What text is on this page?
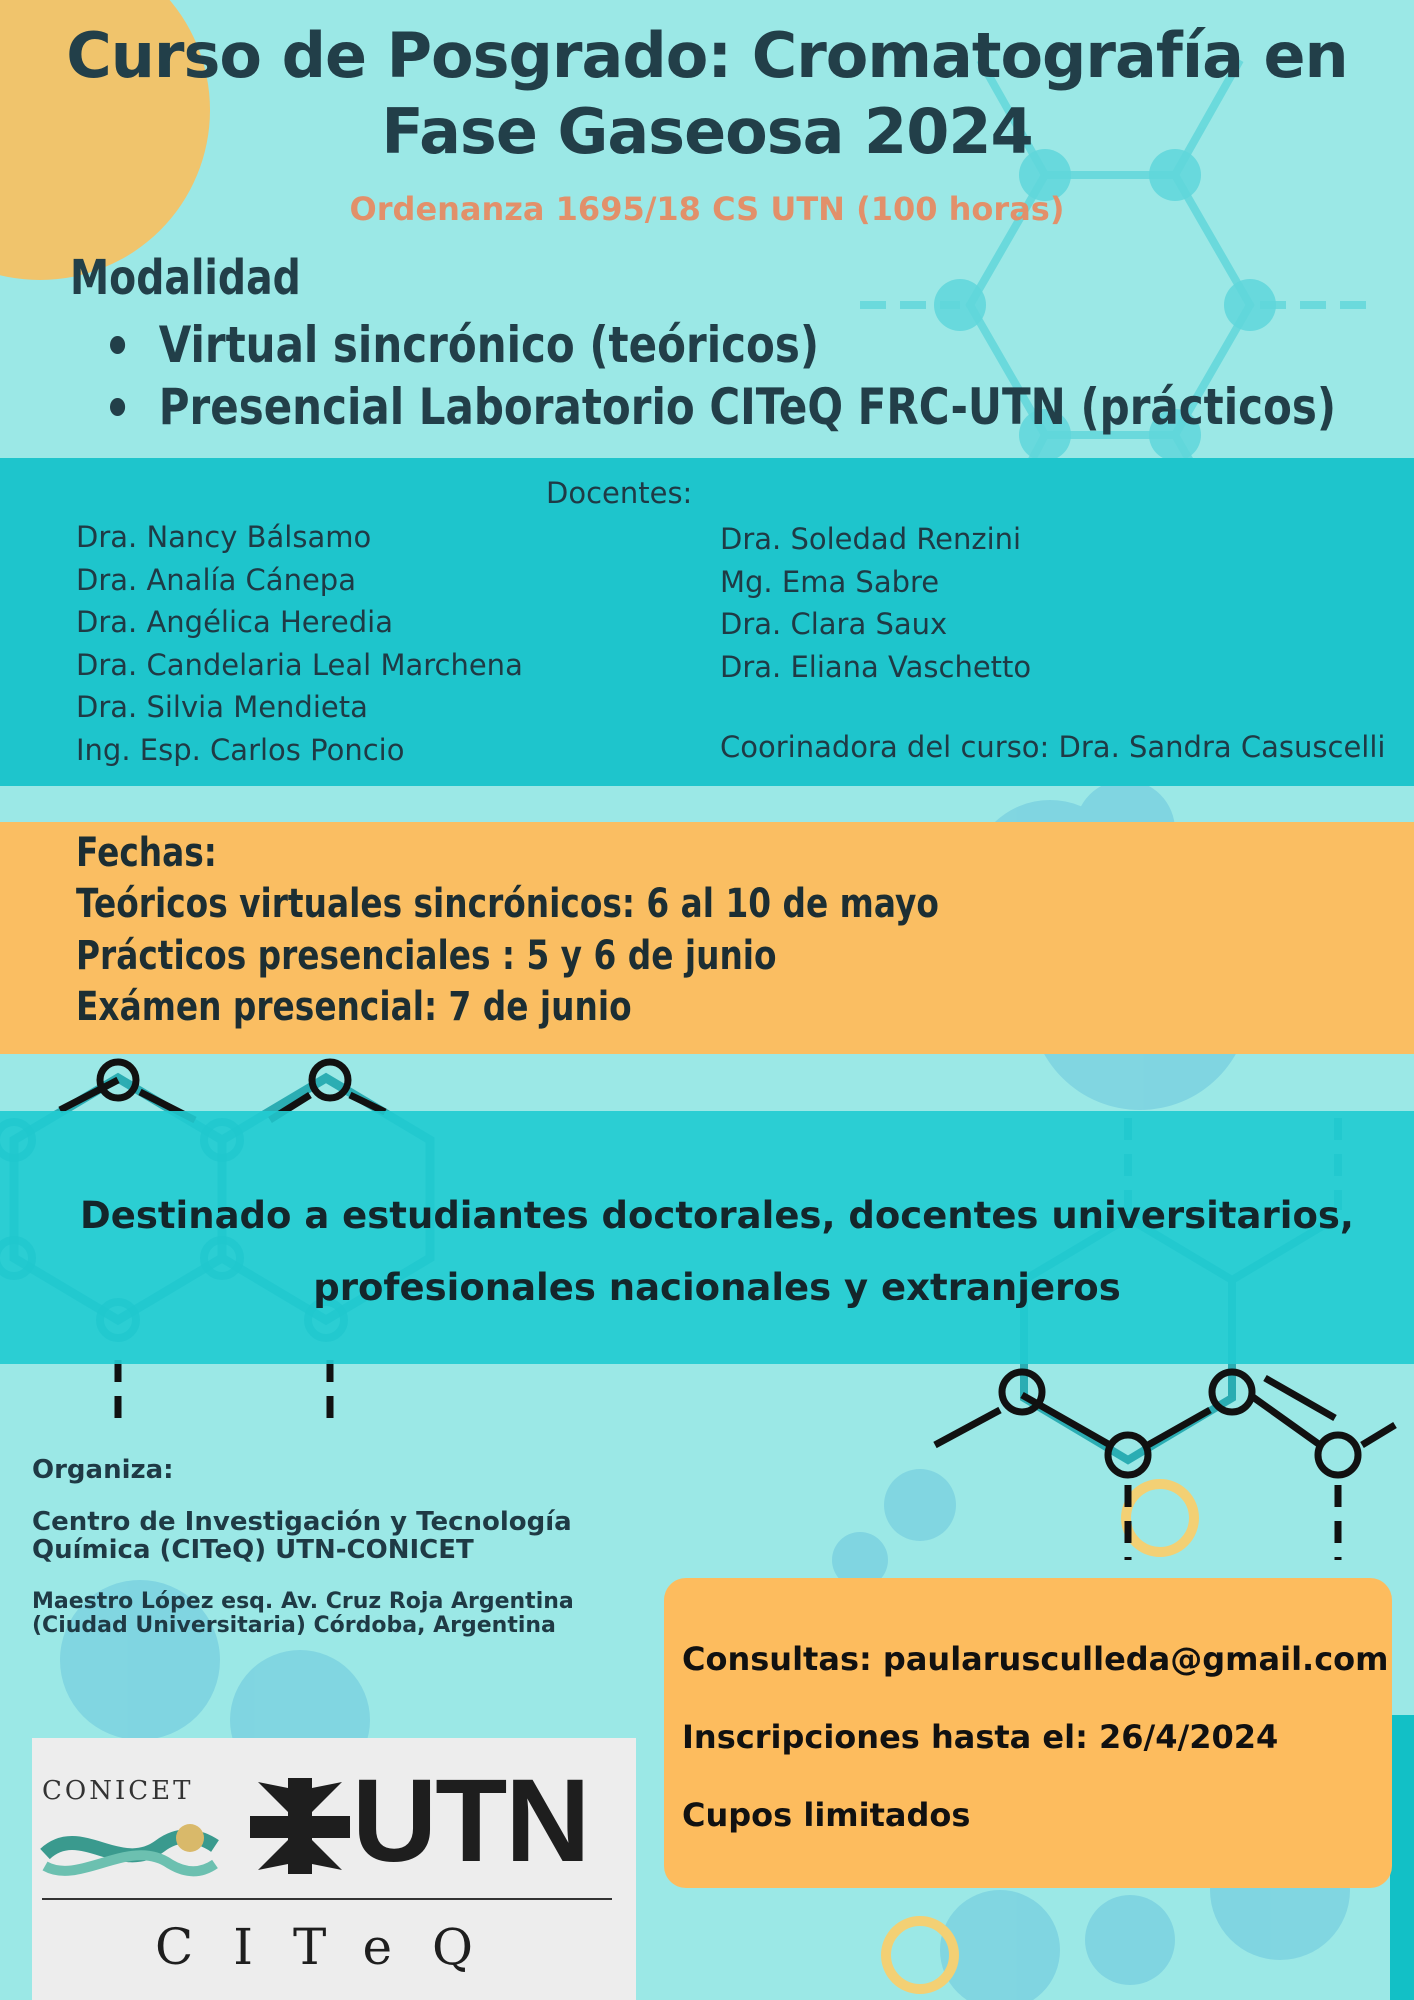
Curso de Posgrado: Cromatografía en Fase Gaseosa 2024
Ordenanza 1695/18 CS UTN (100 horas)
Modalidad
Virtual sincrónico (teóricos)
Presencial Laboratorio CITeQ FRC-UTN (prácticos)
Docentes:
Dra. Nancy Bálsamo
Dra. Analía Cánepa
Dra. Angélica Heredia
Dra. Candelaria Leal Marchena
Dra. Silvia Mendieta
Ing. Esp. Carlos Poncio
Dra. Soledad Renzini
Mg. Ema Sabre
Dra. Clara Saux
Dra. Eliana Vaschetto
Coorinadora del curso: Dra. Sandra Casuscelli
Fechas:
Teóricos virtuales sincrónicos: 6 al 10 de mayo
Prácticos presenciales : 5 y 6 de junio
Exámen presencial: 7 de junio
Destinado a estudiantes doctorales, docentes universitarios,
profesionales nacionales y extranjeros
Organiza:
Centro de Investigación y Tecnología
Química (CITeQ) UTN-CONICET
Maestro López esq. Av. Cruz Roja Argentina
(Ciudad Universitaria) Córdoba, Argentina
CONICET UTN
CITeQ
Consultas: paularusculleda@gmail.com
Inscripciones hasta el: 26/4/2024
Cupos limitados
